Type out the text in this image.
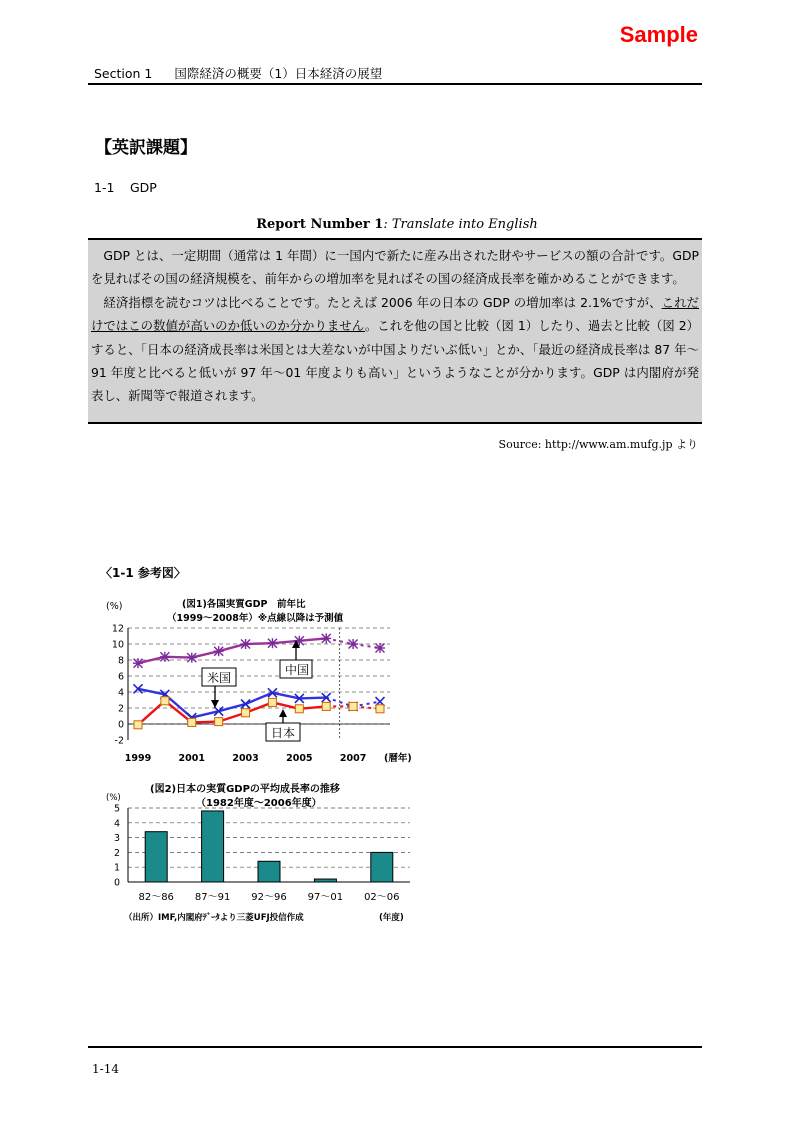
Sample
Section 1 国際経済の概要（1）日本経済の展望
【英訳課題】
1-1 GDP
Report Number 1: Translate into English

GDP とは、一定期間（通常は 1 年間）に一国内で新たに産み出された財やサービスの額の合計です。GDP を見ればその国の経済規模を、前年からの増加率を見ればその国の経済成長率を確かめることができます。

経済指標を読むコツは比べることです。たとえば 2006 年の日本の GDP の増加率は 2.1%ですが、これだけではこの数値が高いのか低いのか分かりません。これを他の国と比較（図 1）したり、過去と比較（図 2）すると、「日本の経済成長率は米国とは大差ないが中国よりだいぶ低い」とか、「最近の経済成長率は 87 年～91 年度と比べると低いが 97 年～01 年度よりも高い」というようなことが分かります。GDP は内閣府が発表し、新聞等で報道されます。

Source: http://www.am.mufg.jp より
〈1-1 参考図〉
(%)	(図1)各国実質GDP　前年比
（1999～2008年）※点線以降は予測値
-2
0
2
4
6
8
10
12
1999	2001	2003	2005	2007 (暦年)
中国
米国
日本
(図2)日本の実質GDPの平均成長率の推移
（1982年度～2006年度）
(%)
0
1
2
3
4
5
82～86 87～91 92～96 97～01 02～06
（出所）IMF,内閣府ﾃﾞｰﾀより三菱UFJ投信作成	(年度)
1-14
